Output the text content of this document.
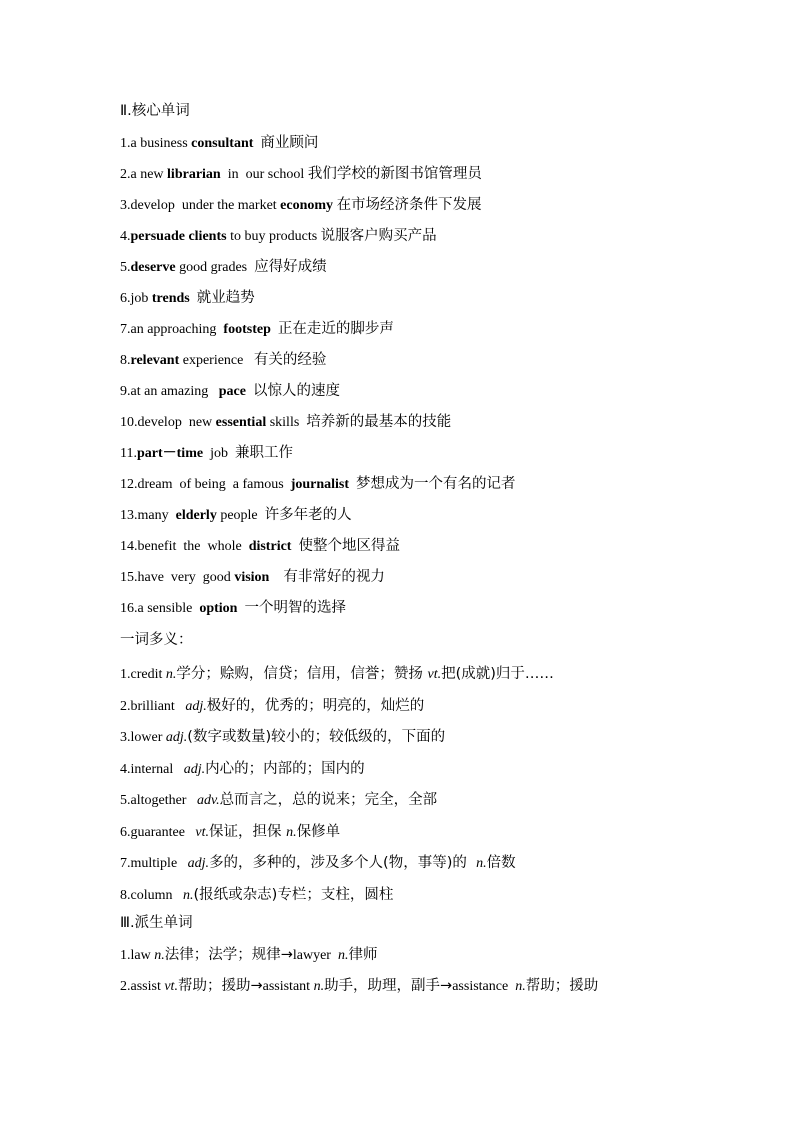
Ⅱ.核心单词
1.a business consultant 商业顾问
2.a new librarian  in  our school 我们学校的新图书馆管理员
3.develop  under the market economy 在市场经济条件下发展
4.persuade clients to buy products 说服客户购买产品
5.deserve good grades  应得好成绩
6.job trends 就业趋势
7.an approaching  footstep 正在走近的脚步声
8.relevant experience   有关的经验
9.at an amazing   pace 以惊人的速度
10.develop  new essential skills  培养新的最基本的技能
11.part－time  job  兼职工作
12.dream  of being  a famous  journalist 梦想成为一个有名的记者
13.many  elderly people  许多年老的人
14.benefit  the  whole  district 使整个地区得益
15.have  very  good vision 有非常好的视力
16.a sensible  option 一个明智的选择
一词多义：
1.credit n.学分；赊购，信贷；信用，信誉；赞扬 vt.把(成就)归于……
2.brilliant   adj.极好的，优秀的；明亮的，灿烂的
3.lower adj.(数字或数量)较小的；较低级的，下面的
4.internal   adj.内心的；内部的；国内的
5.altogether   adv.总而言之，总的说来；完全，全部
6.guarantee   vt.保证，担保 n.保修单
7.multiple   adj.多的，多种的，涉及多个人(物，事等)的  n.倍数
8.column   n.(报纸或杂志)专栏；支柱，圆柱
Ⅲ.派生单词
1.law n.法律；法学；规律→lawyer  n.律师
2.assist vt.帮助；援助→assistant n.助手，助理，副手→assistance  n.帮助；援助
